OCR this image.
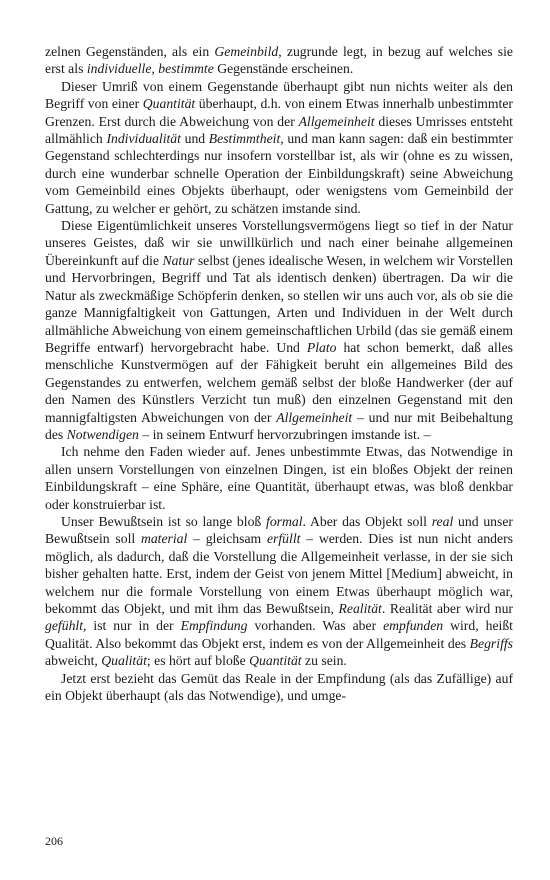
zelnen Gegenständen, als ein Gemeinbild, zugrunde legt, in bezug auf welches sie erst als individuelle, bestimmte Gegenstände erscheinen.

Dieser Umriß von einem Gegenstande überhaupt gibt nun nichts weiter als den Begriff von einer Quantität überhaupt, d.h. von einem Etwas innerhalb unbestimmter Grenzen. Erst durch die Abweichung von der Allgemeinheit dieses Umrisses entsteht allmählich Individualität und Bestimmtheit, und man kann sagen: daß ein bestimmter Gegenstand schlechterdings nur insofern vorstellbar ist, als wir (ohne es zu wissen, durch eine wunderbar schnelle Operation der Einbildungskraft) seine Abweichung vom Gemeinbild eines Objekts überhaupt, oder wenigstens vom Gemeinbild der Gattung, zu welcher er gehört, zu schätzen imstande sind.

Diese Eigentümlichkeit unseres Vorstellungsvermögens liegt so tief in der Natur unseres Geistes, daß wir sie unwillkürlich und nach einer beinahe allgemeinen Übereinkunft auf die Natur selbst (jenes idealische Wesen, in welchem wir Vorstellen und Hervorbringen, Begriff und Tat als identisch denken) übertragen. Da wir die Natur als zweckmäßige Schöpferin denken, so stellen wir uns auch vor, als ob sie die ganze Mannigfaltigkeit von Gattungen, Arten und Individuen in der Welt durch allmähliche Abweichung von einem gemeinschaftlichen Urbild (das sie gemäß einem Begriffe entwarf) hervorgebracht habe. Und Plato hat schon bemerkt, daß alles menschliche Kunstvermögen auf der Fähigkeit beruht ein allgemeines Bild des Gegenstandes zu entwerfen, welchem gemäß selbst der bloße Handwerker (der auf den Namen des Künstlers Verzicht tun muß) den einzelnen Gegenstand mit den mannigfaltigsten Abweichungen von der Allgemeinheit – und nur mit Beibehaltung des Notwendigen – in seinem Entwurf hervorzubringen imstande ist. –

Ich nehme den Faden wieder auf. Jenes unbestimmte Etwas, das Notwendige in allen unsern Vorstellungen von einzelnen Dingen, ist ein bloßes Objekt der reinen Einbildungskraft – eine Sphäre, eine Quantität, überhaupt etwas, was bloß denkbar oder konstruierbar ist.

Unser Bewußtsein ist so lange bloß formal. Aber das Objekt soll real und unser Bewußtsein soll material – gleichsam erfüllt – werden. Dies ist nun nicht anders möglich, als dadurch, daß die Vorstellung die Allgemeinheit verlasse, in der sie sich bisher gehalten hatte. Erst, indem der Geist von jenem Mittel [Medium] abweicht, in welchem nur die formale Vorstellung von einem Etwas überhaupt möglich war, bekommt das Objekt, und mit ihm das Bewußtsein, Realität. Realität aber wird nur gefühlt, ist nur in der Empfindung vorhanden. Was aber empfunden wird, heißt Qualität. Also bekommt das Objekt erst, indem es von der Allgemeinheit des Begriffs abweicht, Qualität; es hört auf bloße Quantität zu sein.

Jetzt erst bezieht das Gemüt das Reale in der Empfindung (als das Zufällige) auf ein Objekt überhaupt (als das Notwendige), und umge-

206
